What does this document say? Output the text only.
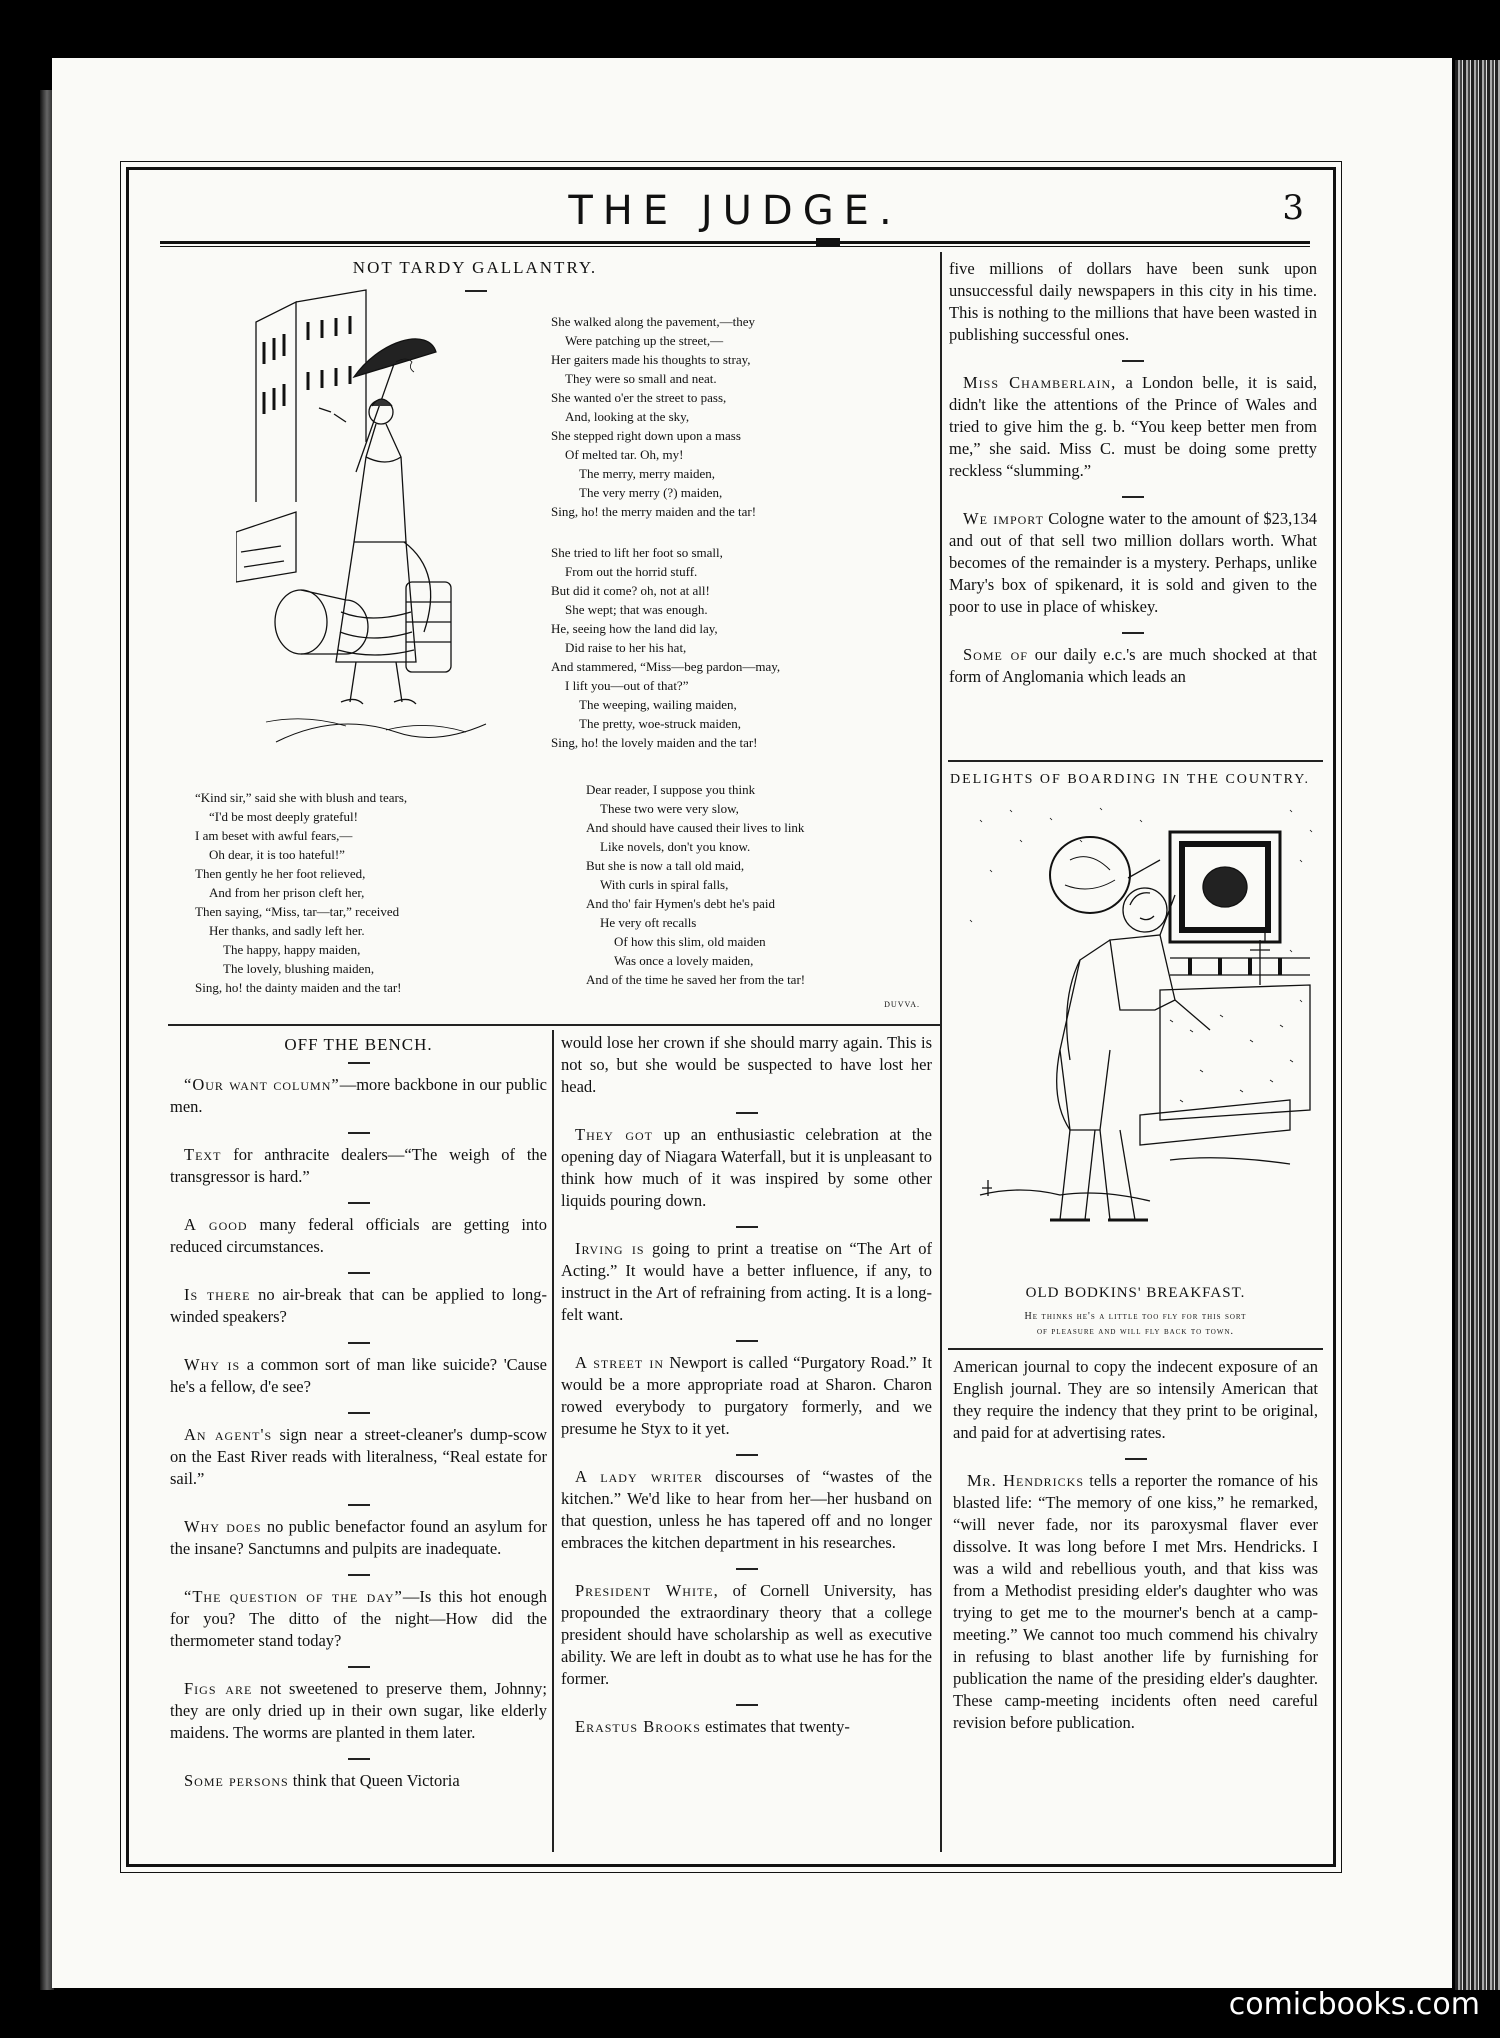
THE JUDGE.	3
NOT TARDY GALLANTRY.
“Kind sir,” said she with blush and tears,
“I'd be most deeply grateful!
I am beset with awful fears,—
Oh dear, it is too hateful!”
Then gently he her foot relieved,
And from her prison cleft her,
Then saying, “Miss, tar—tar,” received
Her thanks, and sadly left her.
The happy, happy maiden,
The lovely, blushing maiden,
Sing, ho! the dainty maiden and the tar!
She walked along the pavement,—they
Were patching up the street,—
Her gaiters made his thoughts to stray,
They were so small and neat.
She wanted o'er the street to pass,
And, looking at the sky,
She stepped right down upon a mass
Of melted tar. Oh, my!
The merry, merry maiden,
The very merry (?) maiden,
Sing, ho! the merry maiden and the tar!
She tried to lift her foot so small,
From out the horrid stuff.
But did it come? oh, not at all!
She wept; that was enough.
He, seeing how the land did lay,
Did raise to her his hat,
And stammered, “Miss—beg pardon—may,
I lift you—out of that?”
The weeping, wailing maiden,
The pretty, woe-struck maiden,
Sing, ho! the lovely maiden and the tar!
Dear reader, I suppose you think
These two were very slow,
And should have caused their lives to link
Like novels, don't you know.
But she is now a tall old maid,
With curls in spiral falls,
And tho' fair Hymen's debt he's paid
He very oft recalls
Of how this slim, old maiden
Was once a lovely maiden,
And of the time he saved her from the tar!
DUVVA.

five millions of dollars have been sunk upon unsuccessful daily newspapers in this city in his time. This is nothing to the millions that have been wasted in publishing successful ones.

Miss Chamberlain, a London belle, it is said, didn't like the attentions of the Prince of Wales and tried to give him the g. b. “You keep better men from me,” she said. Miss C. must be doing some pretty reckless “slumming.”

We import Cologne water to the amount of $23,134 and out of that sell two million dollars worth. What becomes of the remainder is a mystery. Perhaps, unlike Mary's box of spikenard, it is sold and given to the poor to use in place of whiskey.

Some of our daily e.c.'s are much shocked at that form of Anglomania which leads an

DELIGHTS OF BOARDING IN THE COUNTRY.
OLD BODKINS' BREAKFAST.
He thinks he's a little too fly for this sort
of pleasure and will fly back to town.

American journal to copy the indecent exposure of an English journal. They are so intensily American that they require the indency that they print to be original, and paid for at advertising rates.

Mr. Hendricks tells a reporter the romance of his blasted life: “The memory of one kiss,” he remarked, “will never fade, nor its paroxysmal flaver ever dissolve. It was long before I met Mrs. Hendricks. I was a wild and rebellious youth, and that kiss was from a Methodist presiding elder's daughter who was trying to get me to the mourner's bench at a camp-meeting.” We cannot too much commend his chivalry in refusing to blast another life by furnishing for publication the name of the presiding elder's daughter. These camp-meeting incidents often need careful revision before publication.

OFF THE BENCH.

“Our want column”—more backbone in our public men.

Text for anthracite dealers—“The weigh of the transgressor is hard.”

A good many federal officials are getting into reduced circumstances.

Is there no air-break that can be applied to long-winded speakers?

Why is a common sort of man like suicide? 'Cause he's a fellow, d'e see?

An agent's sign near a street-cleaner's dump-scow on the East River reads with literalness, “Real estate for sail.”

Why does no public benefactor found an asylum for the insane? Sanctumns and pulpits are inadequate.

“The question of the day”—Is this hot enough for you? The ditto of the night—How did the thermometer stand today?

Figs are not sweetened to preserve them, Johnny; they are only dried up in their own sugar, like elderly maidens. The worms are planted in them later.

Some persons think that Queen Victoria

would lose her crown if she should marry again. This is not so, but she would be suspected to have lost her head.

They got up an enthusiastic celebration at the opening day of Niagara Waterfall, but it is unpleasant to think how much of it was inspired by some other liquids pouring down.

Irving is going to print a treatise on “The Art of Acting.” It would have a better influence, if any, to instruct in the Art of refraining from acting. It is a long-felt want.

A street in Newport is called “Purgatory Road.” It would be a more appropriate road at Sharon. Charon rowed everybody to purgatory formerly, and we presume he Styx to it yet.

A lady writer discourses of “wastes of the kitchen.” We'd like to hear from her—her husband on that question, unless he has tapered off and no longer embraces the kitchen department in his researches.

President White, of Cornell University, has propounded the extraordinary theory that a college president should have scholarship as well as executive ability. We are left in doubt as to what use he has for the former.

Erastus Brooks estimates that twenty-

comicbooks.com
